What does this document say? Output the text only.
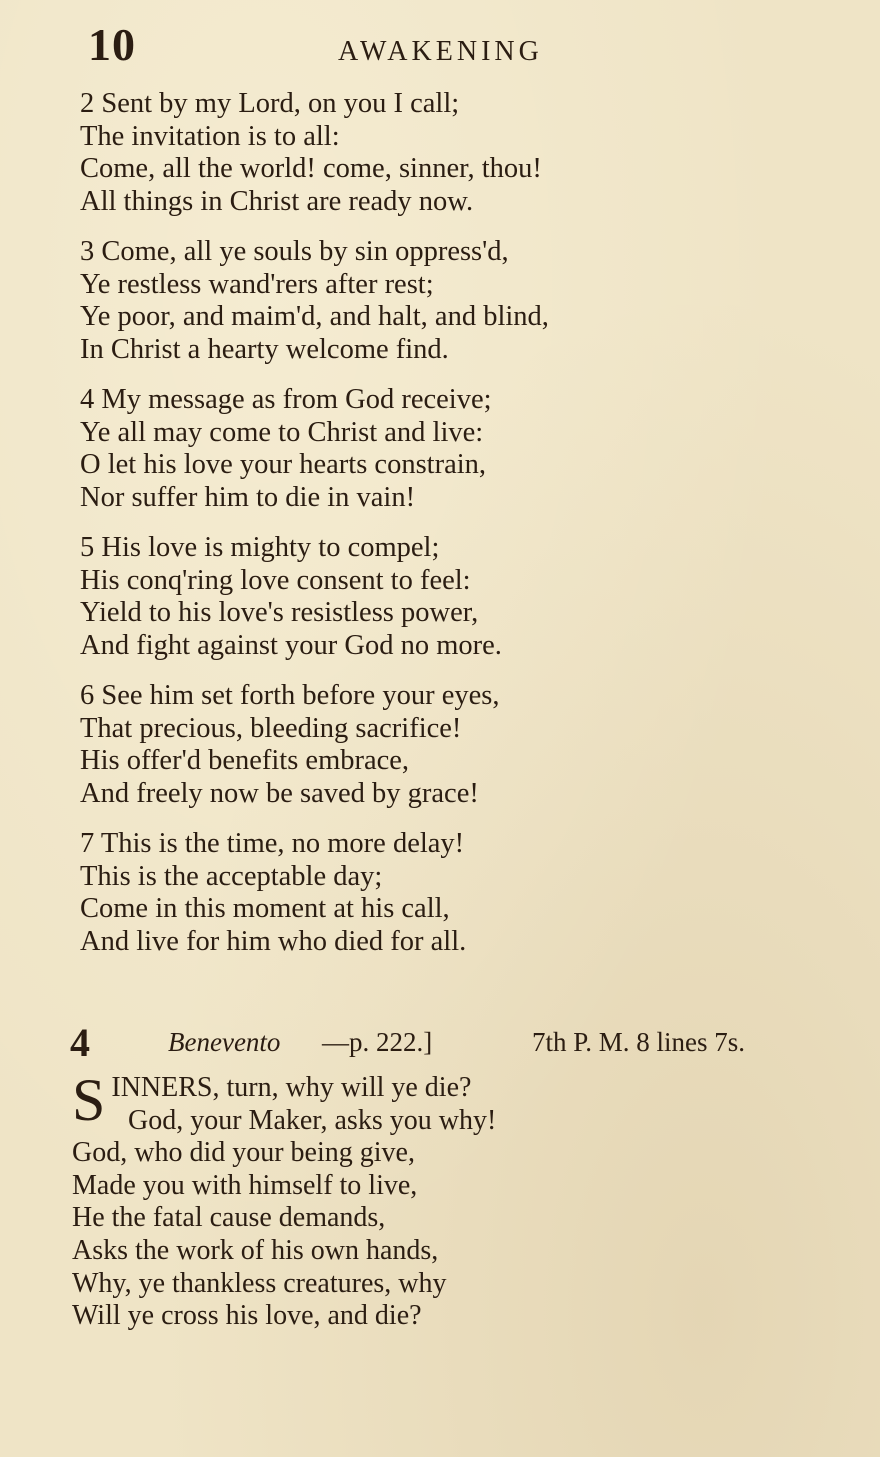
10	AWAKENING
2 Sent by my Lord, on you I call;
The invitation is to all:
Come, all the world! come, sinner, thou!
All things in Christ are ready now.
3 Come, all ye souls by sin oppress'd,
Ye restless wand'rers after rest;
Ye poor, and maim'd, and halt, and blind,
In Christ a hearty welcome find.
4 My message as from God receive;
Ye all may come to Christ and live:
O let his love your hearts constrain,
Nor suffer him to die in vain!
5 His love is mighty to compel;
His conq'ring love consent to feel:
Yield to his love's resistless power,
And fight against your God no more.
6 See him set forth before your eyes,
That precious, bleeding sacrifice!
His offer'd benefits embrace,
And freely now be saved by grace!
7 This is the time, no more delay!
This is the acceptable day;
Come in this moment at his call,
And live for him who died for all.
4	Benevento —p. 222.]	7th P. M. 8 lines 7s.
S INNERS, turn, why will ye die?
God, your Maker, asks you why!
God, who did your being give,
Made you with himself to live,
He the fatal cause demands,
Asks the work of his own hands,
Why, ye thankless creatures, why
Will ye cross his love, and die?
